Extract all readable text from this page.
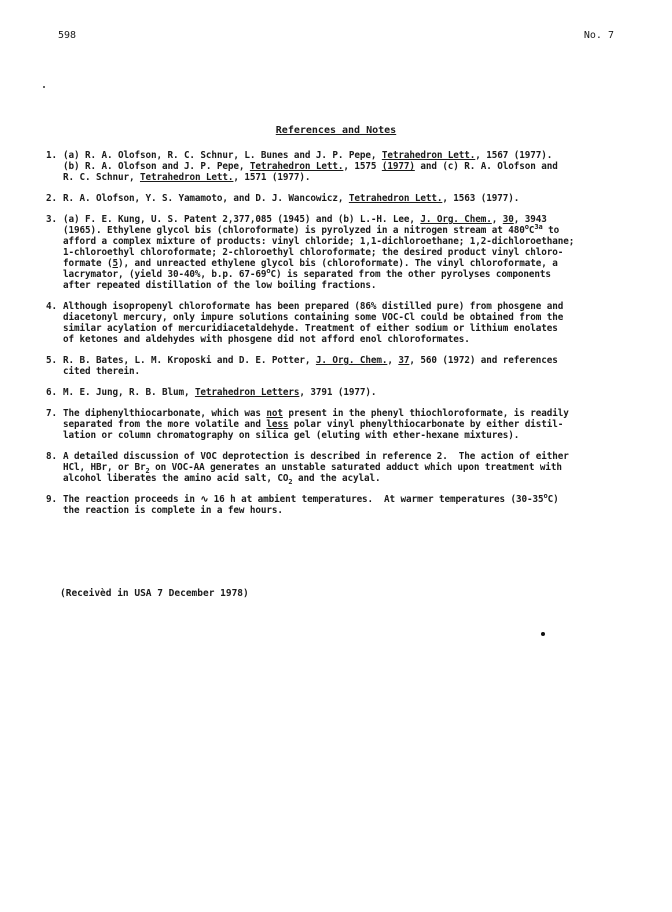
598	No. 7
References and Notes
1. (a) R. A. Olofson, R. C. Schnur, L. Bunes and J. P. Pepe, Tetrahedron Lett., 1567 (1977).
(b) R. A. Olofson and J. P. Pepe, Tetrahedron Lett., 1575 (1977) and (c) R. A. Olofson and
R. C. Schnur, Tetrahedron Lett., 1571 (1977).
2. R. A. Olofson, Y. S. Yamamoto, and D. J. Wancowicz, Tetrahedron Lett., 1563 (1977).
3. (a) F. E. Kung, U. S. Patent 2,377,085 (1945) and (b) L.-H. Lee, J. Org. Chem., 30, 3943
(1965). Ethylene glycol bis (chloroformate) is pyrolyzed in a nitrogen stream at $480^oC^{3a}$ to
afford a complex mixture of products: vinyl chloride; 1,1-dichloroethane; 1,2-dichloroethane;
1-chloroethyl chloroformate; 2-chloroethyl chloroformate; the desired product vinyl chloro-
formate (5), and unreacted ethylene glycol bis (chloroformate). The vinyl chloroformate, a
lacrymator, (yield 30-40%, b.p. 67-69$^o$C) is separated from the other pyrolyses components
after repeated distillation of the low boiling fractions.
4. Although isopropenyl chloroformate has been prepared (86% distilled pure) from phosgene and
diacetonyl mercury, only impure solutions containing some VOC-Cl could be obtained from the
similar acylation of mercuridiacetaldehyde. Treatment of either sodium or lithium enolates
of ketones and aldehydes with phosgene did not afford enol chloroformates.
5. R. B. Bates, L. M. Kroposki and D. E. Potter, J. Org. Chem., 37, 560 (1972) and references
cited therein.
6. M. E. Jung, R. B. Blum, Tetrahedron Letters, 3791 (1977).
7. The diphenylthiocarbonate, which was not present in the phenyl thiochloroformate, is readily
separated from the more volatile and less polar vinyl phenylthiocarbonate by either distil-
lation or column chromatography on silica gel (eluting with ether-hexane mixtures).
8. A detailed discussion of VOC deprotection is described in reference 2.  The action of either
HCl, HBr, or $Br_2$ on VOC-AA generates an unstable saturated adduct which upon treatment with
alcohol liberates the amino acid salt, $CO_2$ and the acylal.
9. The reaction proceeds in ∿ 16 h at ambient temperatures.  At warmer temperatures (30-35$^o$C)
the reaction is complete in a few hours.
(Receivèd in USA 7 December 1978)
